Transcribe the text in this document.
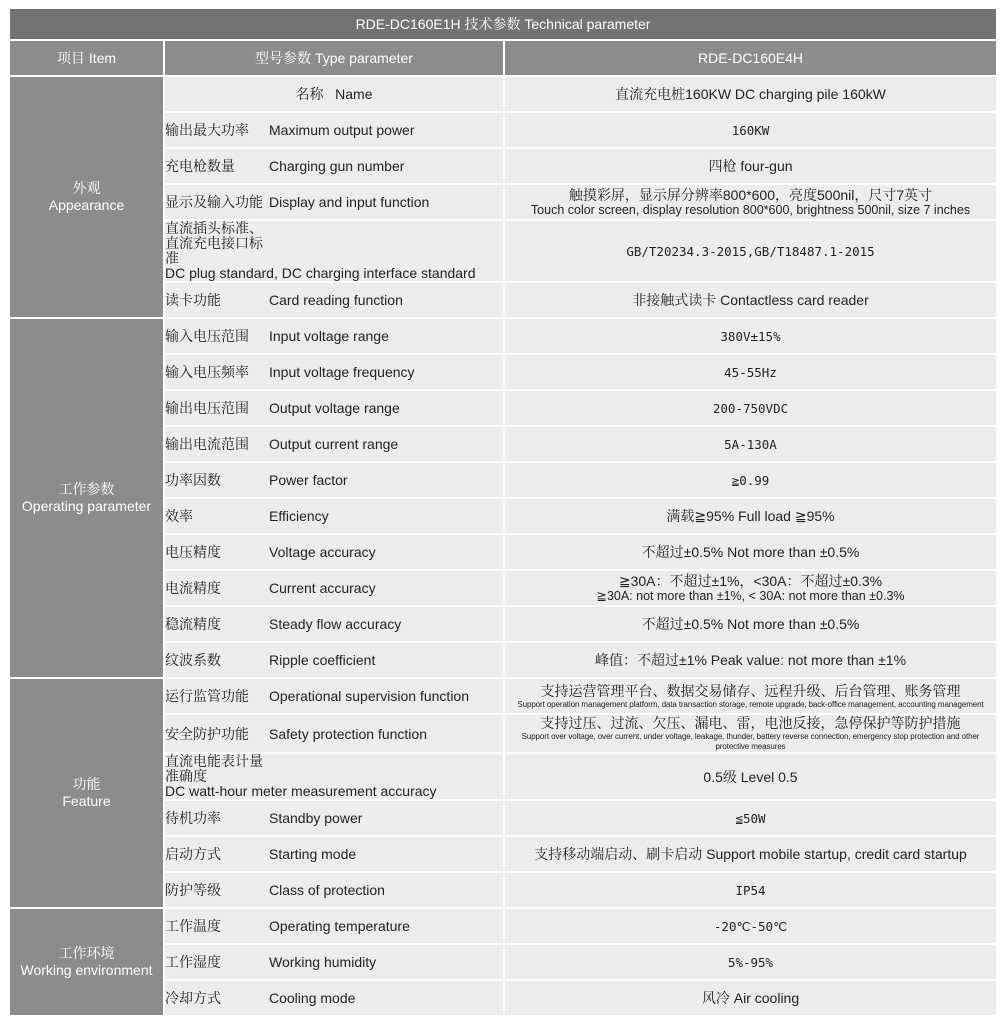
RDE-DC160E1H 技术参数 Technical parameter		
项目 Item	型号参数 Type parameter	RDE-DC160E4H

外观
Appearance	名称 Name	直流充电桩160KW DC charging pile 160kW
	输出最大功率 Maximum output power	160KW
	充电枪数量 Charging gun number	四枪 four-gun
	显示及输入功能 Display and input function	触摸彩屏，显示屏分辨率800*600，亮度500nil，尺寸7英寸
Touch color screen, display resolution 800*600, brightness 500nil, size 7 inches

	直流插头标准、直流充电接口标准
DC plug standard, DC charging interface standard	GB/T20234.3-2015,GB/T18487.1-2015
	读卡功能 Card reading function	非接触式读卡 Contactless card reader

工作参数
Operating parameter	输入电压范围 Input voltage range	380V±15%
	输入电压频率 Input voltage frequency	45-55Hz
	输出电压范围 Output voltage range	200-750VDC
	输出电流范围 Output current range	5A-130A
	功率因数 Power factor	≧0.99
	效率 Efficiency	满载≧95% Full load ≧95%
	电压精度 Voltage accuracy	不超过±0.5% Not more than ±0.5%
	电流精度 Current accuracy	≧30A：不超过±1%，<30A：不超过±0.3%
≧30A: not more than ±1%, < 30A: not more than ±0.3%

	稳流精度 Steady flow accuracy	不超过±0.5% Not more than ±0.5%
	纹波系数 Ripple coefficient	峰值：不超过±1% Peak value: not more than ±1%

功能
Feature	运行监管功能 Operational supervision function	支持运营管理平台、数据交易储存、远程升级、后台管理、账务管理
Support operation management platform, data transaction storage, remote upgrade, back-office management, accounting management

	安全防护功能 Safety protection function	支持过压、过流、欠压、漏电、雷，电池反接，急停保护等防护措施
Support over voltage, over current, under voltage, leakage, thunder, battery reverse connection, emergency stop protection and other protective measures

	直流电能表计量准确度
DC watt-hour meter measurement accuracy	0.5级 Level 0.5
	待机功率 Standby power	≦50W
	启动方式 Starting mode	支持移动端启动、刷卡启动 Support mobile startup, credit card startup
	防护等级 Class of protection	IP54

工作环境
Working environment	工作温度 Operating temperature	-20℃-50℃
	工作湿度 Working humidity	5%-95%
	冷却方式 Cooling mode	风冷 Air cooling
